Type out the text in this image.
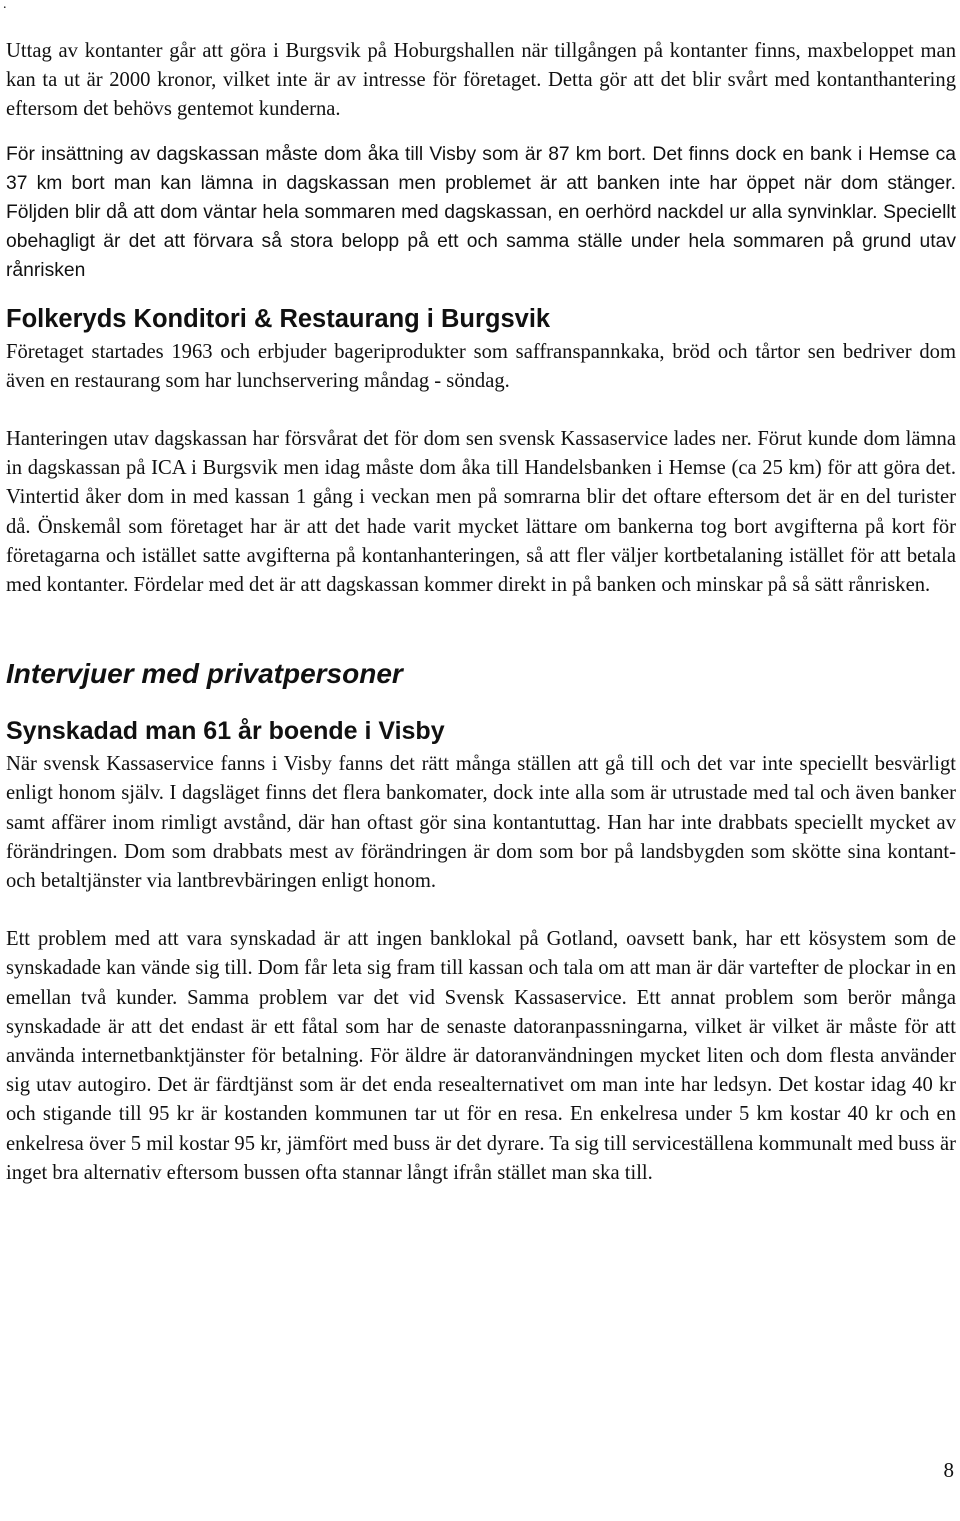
.

Uttag av kontanter går att göra i Burgsvik på Hoburgshallen när tillgången på kontanter finns, maxbeloppet man kan ta ut är 2000 kronor, vilket inte är av intresse för företaget. Detta gör att det blir svårt med kontanthantering eftersom det behövs gentemot kunderna.

För insättning av dagskassan måste dom åka till Visby som är 87 km bort. Det finns dock en bank i Hemse ca 37 km bort man kan lämna in dagskassan men problemet är att banken inte har öppet när dom stänger. Följden blir då att dom väntar hela sommaren med dagskassan, en oerhörd nackdel ur alla synvinklar. Speciellt obehagligt är det att förvara så stora belopp på ett och samma ställe under hela sommaren på grund utav rånrisken

Folkeryds Konditori & Restaurang i Burgsvik

Företaget startades 1963 och erbjuder bageriprodukter som saffranspannkaka, bröd och tårtor sen bedriver dom även en restaurang som har lunchservering måndag - söndag.

Hanteringen utav dagskassan har försvårat det för dom sen svensk Kassaservice lades ner. Förut kunde dom lämna in dagskassan på ICA i Burgsvik men idag måste dom åka till Handelsbanken i Hemse (ca 25 km) för att göra det. Vintertid åker dom in med kassan 1 gång i veckan men på somrarna blir det oftare eftersom det är en del turister då. Önskemål som företaget har är att det hade varit mycket lättare om bankerna tog bort avgifterna på kort för företagarna och istället satte avgifterna på kontanhanteringen, så att fler väljer kortbetalaning istället för att betala med kontanter. Fördelar med det är att dagskassan kommer direkt in på banken och minskar på så sätt rånrisken.

Intervjuer med privatpersoner
Synskadad man 61 år boende i Visby

När svensk Kassaservice fanns i Visby fanns det rätt många ställen att gå till och det var inte speciellt besvärligt enligt honom själv. I dagsläget finns det flera bankomater, dock inte alla som är utrustade med tal och även banker samt affärer inom rimligt avstånd, där han oftast gör sina kontantuttag. Han har inte drabbats speciellt mycket av förändringen. Dom som drabbats mest av förändringen är dom som bor på landsbygden som skötte sina kontant- och betaltjänster via lantbrevbäringen enligt honom.

Ett problem med att vara synskadad är att ingen banklokal på Gotland, oavsett bank, har ett kösystem som de synskadade kan vände sig till. Dom får leta sig fram till kassan och tala om att man är där vartefter de plockar in en emellan två kunder. Samma problem var det vid Svensk Kassaservice. Ett annat problem som berör många synskadade är att det endast är ett fåtal som har de senaste datoranpassningarna, vilket är vilket är måste för att använda internetbanktjänster för betalning. För äldre är datoranvändningen mycket liten och dom flesta använder sig utav autogiro. Det är färdtjänst som är det enda resealternativet om man inte har ledsyn. Det kostar idag 40 kr och stigande till 95 kr är kostanden kommunen tar ut för en resa. En enkelresa under 5 km kostar 40 kr och en enkelresa över 5 mil kostar 95 kr, jämfört med buss är det dyrare. Ta sig till serviceställena kommunalt med buss är inget bra alternativ eftersom bussen ofta stannar långt ifrån stället man ska till.

8
